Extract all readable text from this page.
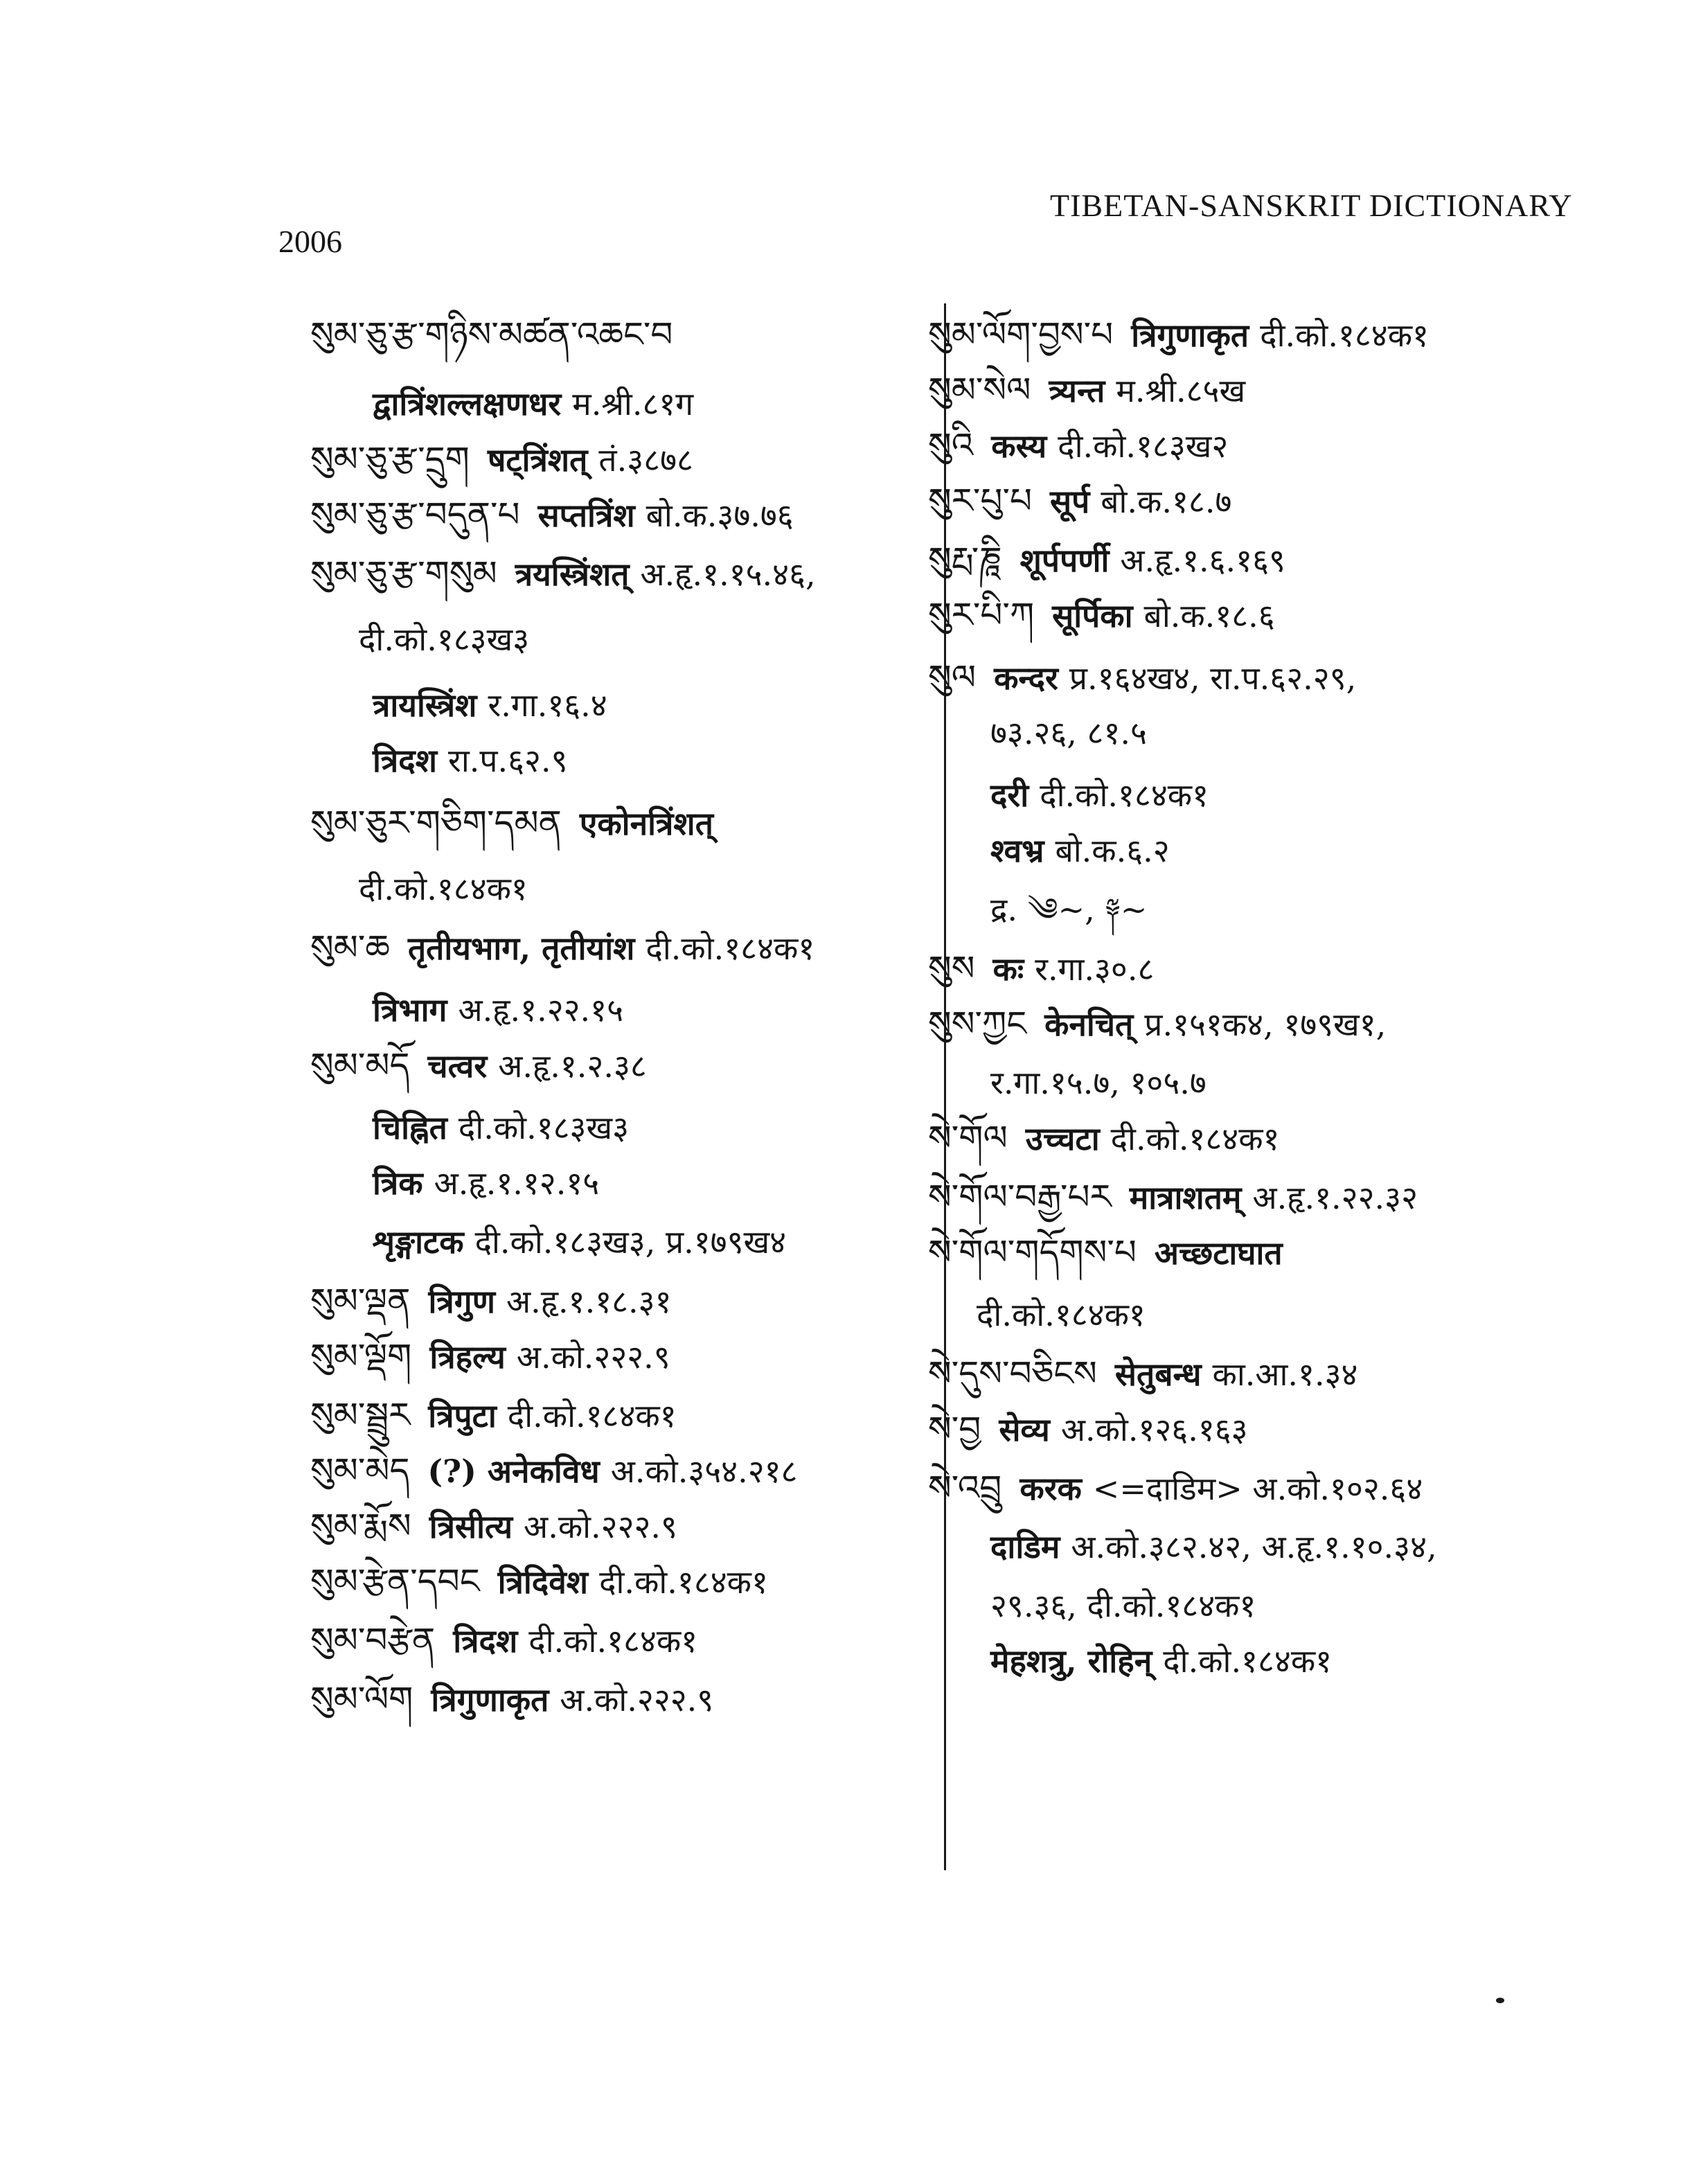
2006
TIBETAN-SANSKRIT DICTIONARY
སུམ་ཅུ་རྩ་གཉིས་མཚན་འཆང་བ
द्वात्रिंशल्लक्षणधर म.श्री.८१ग
སུམ་ཅུ་རྩ་དྲུག षट्त्रिंशत् तं.३८७८
སུམ་ཅུ་རྩ་བདུན་པ सप्तत्रिंश बो.क.३७.७६
སུམ་ཅུ་རྩ་གསུམ त्रयस्त्रिंशत् अ.हृ.१.१५.४६,
दी.को.१८३ख३
त्रायस्त्रिंश र.गा.१६.४
त्रिदश रा.प.६२.९
སུམ་ཅུར་གཅིག་དམན एकोनत्रिंशत्
दी.को.१८४क१
སུམ་ཆ तृतीयभाग, तृतीयांश दी.को.१८४क१
त्रिभाग अ.हृ.१.२२.१५
སུམ་མདོ चत्वर अ.हृ.१.२.३८
चिह्नित दी.को.१८३ख३
त्रिक अ.हृ.१.१२.१५
शृङ्गाटक दी.को.१८३ख३, प्र.१७९ख४
སུམ་ལྡན त्रिगुण अ.हृ.१.१८.३१
སུམ་ལྡོག त्रिहल्य अ.को.२२२.९
སུམ་སྦྲུར त्रिपुटा दी.को.१८४क१
སུམ་མེད (?) अनेकविध अ.को.३५४.२१८
སུམ་རྨོས त्रिसीत्य अ.को.२२२.९
སུམ་རྩེན་དབང त्रिदिवेश दी.को.१८४क१
སུམ་བརྩེན त्रिदश दी.को.१८४क१
སུམ་ལོག त्रिगुणाकृत अ.को.२२२.९
སུམ་ལོག་བྱས་པ त्रिगुणाकृत दी.को.१८४क१
སུམ་སེལ त्र्यन्त म.श्री.८५ख
སུའི कस्य दी.को.१८३ख२
སུར་པུ་པ सूर्प बो.क.१८.७
སུརྤ་ཎཱི शूर्पपर्णी अ.हृ.१.६.१६९
སུར་པི་ཀ सूर्पिका बो.क.१८.६
སུལ कन्दर प्र.१६४ख४, रा.प.६२.२९,
७३.२६, ८१.५
दरी दी.को.१८४क१
श्वभ्र बो.क.६.२
द्र. ༄~, ༈~
སུས कः र.गा.३०.८
སུས་ཀྱང केनचित् प्र.१५१क४, १७९ख१,
र.गा.१५.७, १०५.७
སེ་གོལ उच्चटा दी.को.१८४क१
སེ་གོལ་བརྒྱ་པར मात्राशतम् अ.हृ.१.२२.३२
སེ་གོལ་གདོགས་པ अच्छटाघात
दी.को.१८४क१
སེ་དུས་བཅིངས सेतुबन्ध का.आ.१.३४
སེ་བྱ सेव्य अ.को.१२६.१६३
སེ་འབྲུ करक <=दाडिम> अ.को.१०२.६४
दाडिम अ.को.३८२.४२, अ.हृ.१.१०.३४,
२९.३६, दी.को.१८४क१
मेहशत्रु, रोहिन् दी.को.१८४क१
